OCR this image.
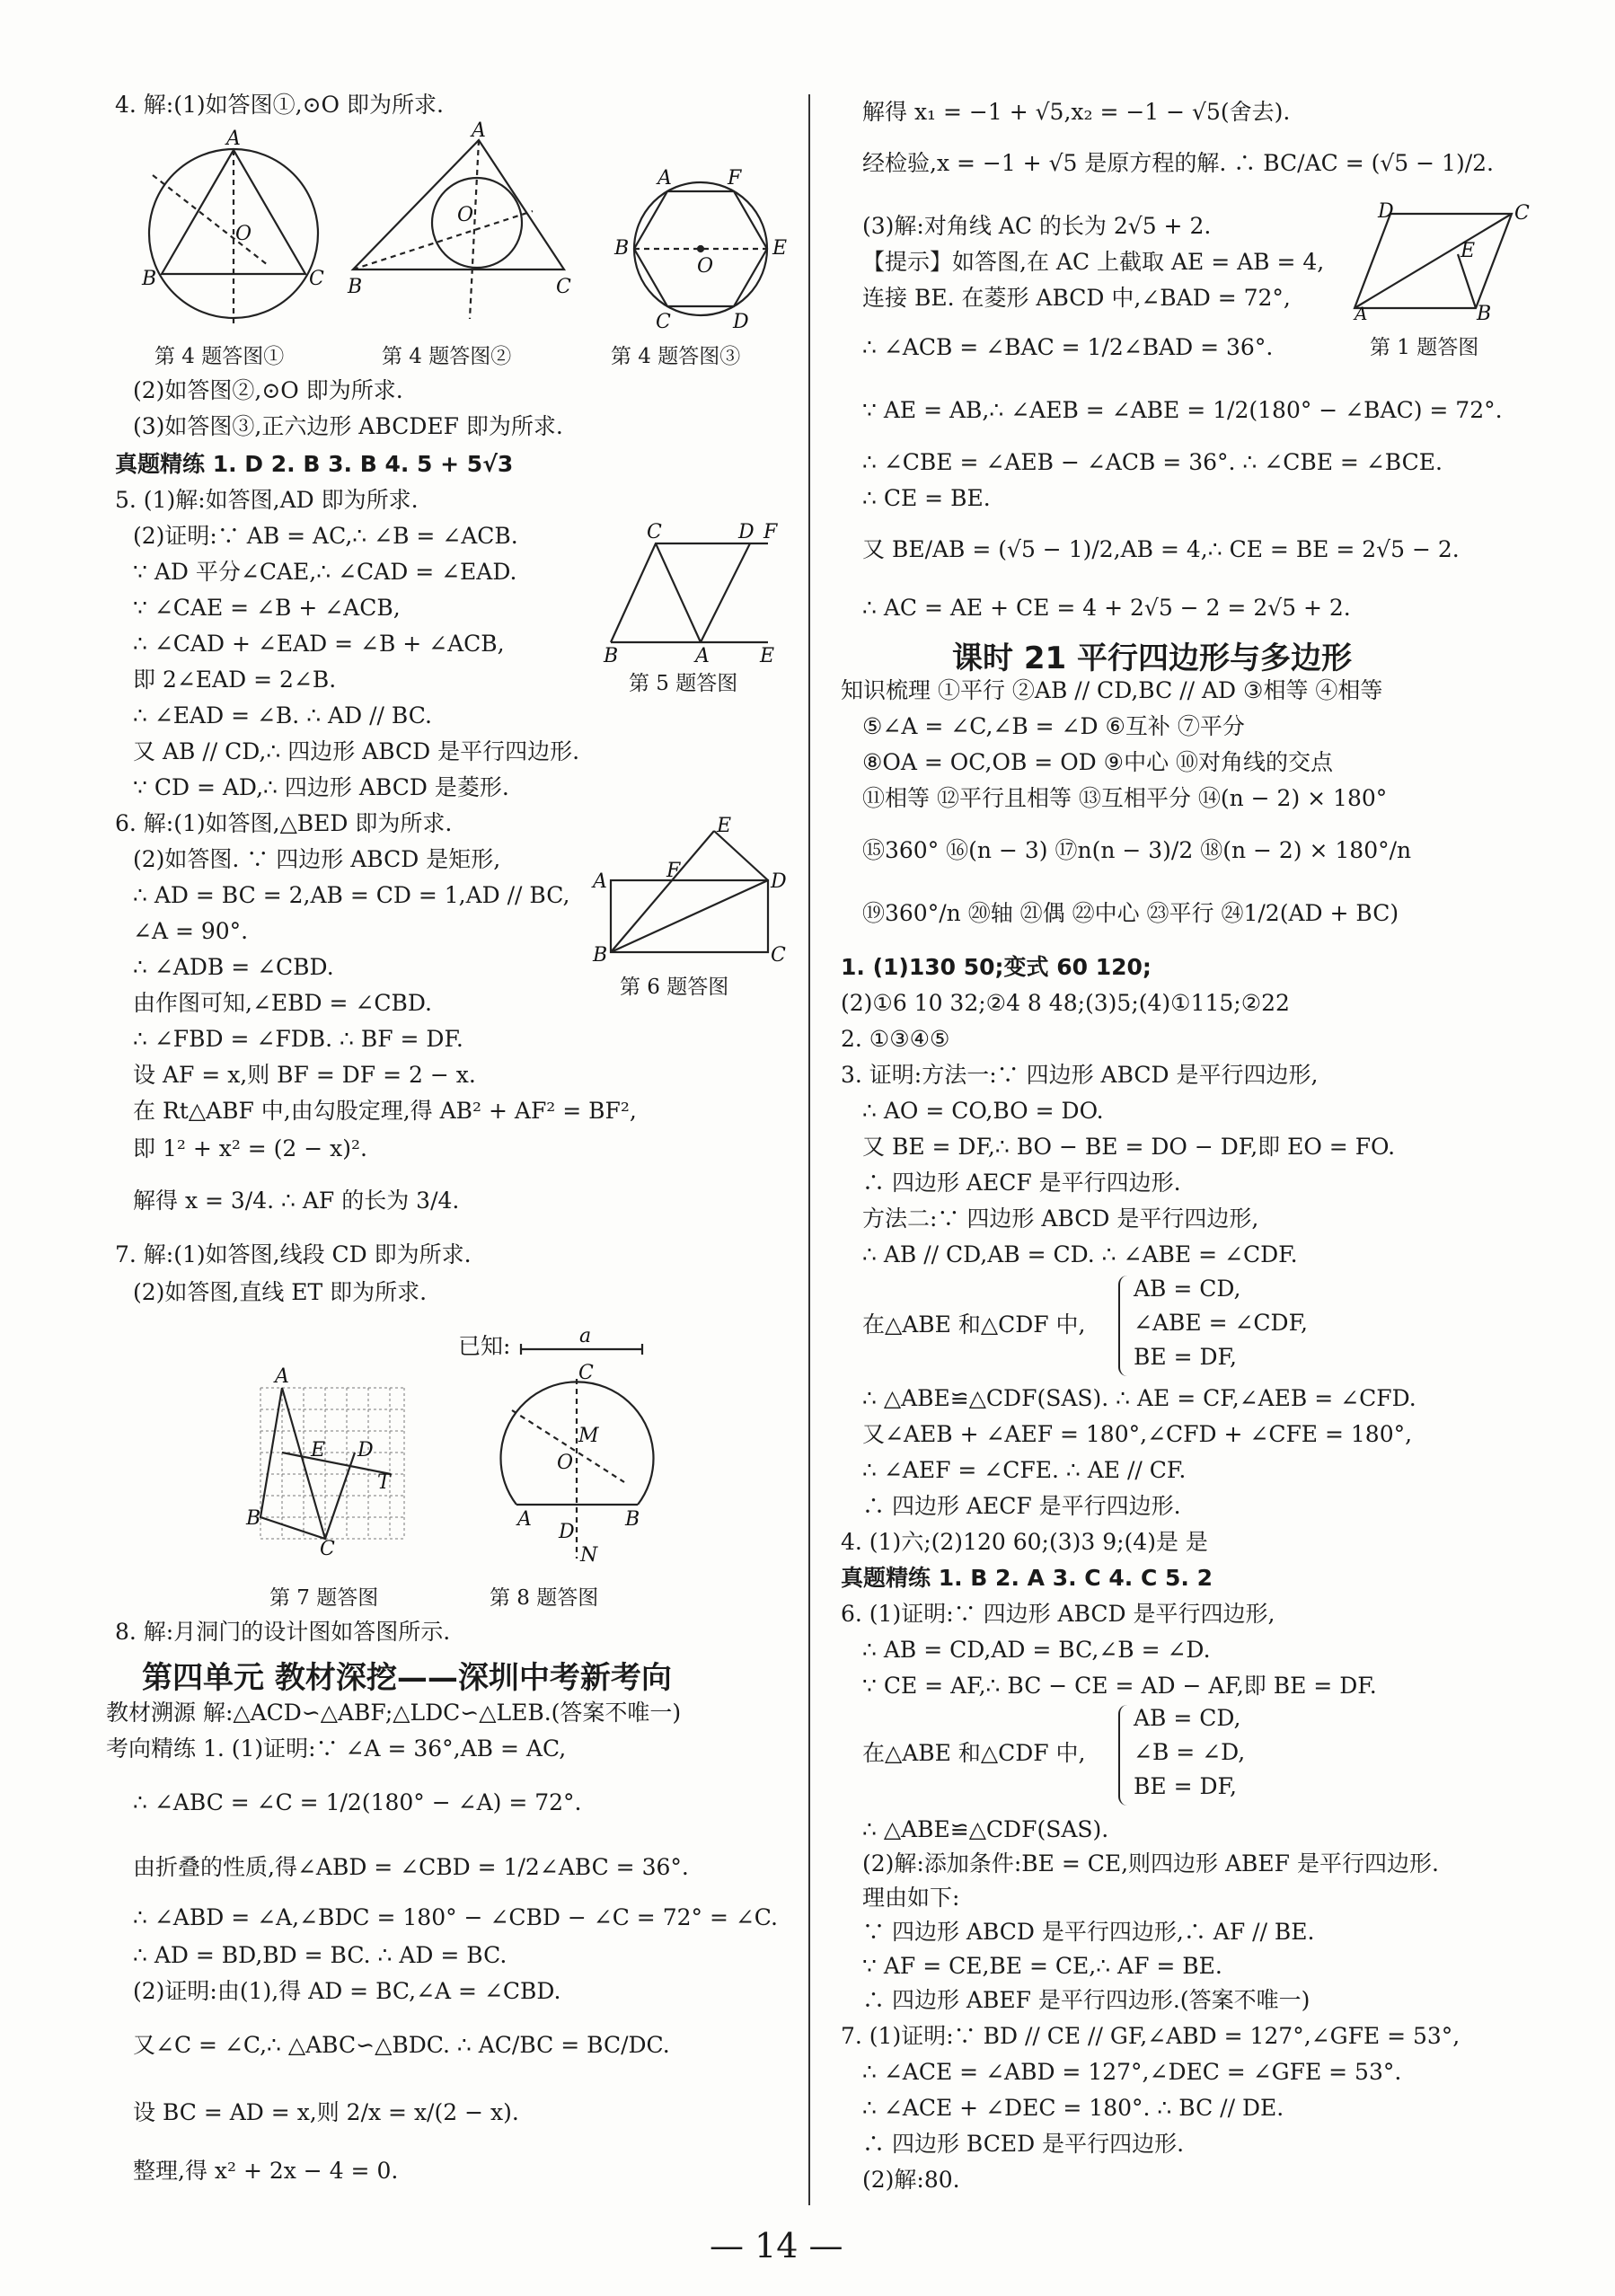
4. 解:(1)如答图①,⊙O 即为所求.
A
B	C
O
第 4 题答图①
A
B	C
O
第 4 题答图②
A	F
E
D
C
B
O
第 4 题答图③
(2)如答图②,⊙O 即为所求.
(3)如答图③,正六边形 ABCDEF 即为所求.
真题精练 1. D 2. B 3. B 4. 5 + 5√3
5. (1)解:如答图,AD 即为所求.
(2)证明:∵ AB = AC,∴ ∠B = ∠ACB.
∵ AD 平分∠CAE,∴ ∠CAD = ∠EAD.
∵ ∠CAE = ∠B + ∠ACB,
∴ ∠CAD + ∠EAD = ∠B + ∠ACB,
即 2∠EAD = 2∠B.
∴ ∠EAD = ∠B. ∴ AD // BC.
又 AB // CD,∴ 四边形 ABCD 是平行四边形.
∵ CD = AD,∴ 四边形 ABCD 是菱形.
C	D F
B	A	E
第 5 题答图
6. 解:(1)如答图,△BED 即为所求.
(2)如答图. ∵ 四边形 ABCD 是矩形,
∴ AD = BC = 2,AB = CD = 1,AD // BC,
∠A = 90°.
∴ ∠ADB = ∠CBD.
由作图可知,∠EBD = ∠CBD.
∴ ∠FBD = ∠FDB. ∴ BF = DF.
设 AF = x,则 BF = DF = 2 − x.
在 Rt△ABF 中,由勾股定理,得 AB² + AF² = BF²,
即 1² + x² = (2 − x)².
解得 x = 3/4. ∴ AF 的长为 3/4.
A	D
B	C
F
E
第 6 题答图
7. 解:(1)如答图,线段 CD 即为所求.
(2)如答图,直线 ET 即为所求.
A
B
C
D
E
T
第 7 题答图
已知:	a
C
M
O
A	B
D
N
第 8 题答图
8. 解:月洞门的设计图如答图所示.
第四单元 教材深挖——深圳中考新考向
教材溯源 解:△ACD∽△ABF;△LDC∽△LEB.(答案不唯一)
考向精练 1. (1)证明:∵ ∠A = 36°,AB = AC,
∴ ∠ABC = ∠C = 1/2(180° − ∠A) = 72°.
由折叠的性质,得∠ABD = ∠CBD = 1/2∠ABC = 36°.
∴ ∠ABD = ∠A,∠BDC = 180° − ∠CBD − ∠C = 72° = ∠C.
∴ AD = BD,BD = BC. ∴ AD = BC.
(2)证明:由(1),得 AD = BC,∠A = ∠CBD.
又∠C = ∠C,∴ △ABC∽△BDC. ∴ AC/BC = BC/DC.
设 BC = AD = x,则 2/x = x/(2 − x).
整理,得 x² + 2x − 4 = 0.
解得 x₁ = −1 + √5,x₂ = −1 − √5(舍去).
经检验,x = −1 + √5 是原方程的解. ∴ BC/AC = (√5 − 1)/2.
(3)解:对角线 AC 的长为 2√5 + 2.
【提示】如答图,在 AC 上截取 AE = AB = 4,
连接 BE. 在菱形 ABCD 中,∠BAD = 72°,
∴ ∠ACB = ∠BAC = 1/2∠BAD = 36°.
D	C
E
A	B
第 1 题答图
∵ AE = AB,∴ ∠AEB = ∠ABE = 1/2(180° − ∠BAC) = 72°.
∴ ∠CBE = ∠AEB − ∠ACB = 36°. ∴ ∠CBE = ∠BCE.
∴ CE = BE.
又 BE/AB = (√5 − 1)/2,AB = 4,∴ CE = BE = 2√5 − 2.
∴ AC = AE + CE = 4 + 2√5 − 2 = 2√5 + 2.
课时 21 平行四边形与多边形
知识梳理 ①平行 ②AB // CD,BC // AD ③相等 ④相等
⑤∠A = ∠C,∠B = ∠D ⑥互补 ⑦平分
⑧OA = OC,OB = OD ⑨中心 ⑩对角线的交点
⑪相等 ⑫平行且相等 ⑬互相平分 ⑭(n − 2) × 180°
⑮360° ⑯(n − 3) ⑰n(n − 3)/2 ⑱(n − 2) × 180°/n
⑲360°/n ⑳轴 ㉑偶 ㉒中心 ㉓平行 ㉔1/2(AD + BC)
1. (1)130 50;变式 60 120;
(2)①6 10 32;②4 8 48;(3)5;(4)①115;②22
2. ①③④⑤
3. 证明:方法一:∵ 四边形 ABCD 是平行四边形,
∴ AO = CO,BO = DO.
又 BE = DF,∴ BO − BE = DO − DF,即 EO = FO.
∴ 四边形 AECF 是平行四边形.
方法二:∵ 四边形 ABCD 是平行四边形,
∴ AB // CD,AB = CD. ∴ ∠ABE = ∠CDF.
在△ABE 和△CDF 中,
AB = CD,
∠ABE = ∠CDF,
BE = DF,
∴ △ABE≌△CDF(SAS). ∴ AE = CF,∠AEB = ∠CFD.
又∠AEB + ∠AEF = 180°,∠CFD + ∠CFE = 180°,
∴ ∠AEF = ∠CFE. ∴ AE // CF.
∴ 四边形 AECF 是平行四边形.
4. (1)六;(2)120 60;(3)3 9;(4)是 是
真题精练 1. B 2. A 3. C 4. C 5. 2
6. (1)证明:∵ 四边形 ABCD 是平行四边形,
∴ AB = CD,AD = BC,∠B = ∠D.
∵ CE = AF,∴ BC − CE = AD − AF,即 BE = DF.
在△ABE 和△CDF 中,
AB = CD,
∠B = ∠D,
BE = DF,
∴ △ABE≌△CDF(SAS).
(2)解:添加条件:BE = CE,则四边形 ABEF 是平行四边形.
理由如下:
∵ 四边形 ABCD 是平行四边形,∴ AF // BE.
∵ AF = CE,BE = CE,∴ AF = BE.
∴ 四边形 ABEF 是平行四边形.(答案不唯一)
7. (1)证明:∵ BD // CE // GF,∠ABD = 127°,∠GFE = 53°,
∴ ∠ACE = ∠ABD = 127°,∠DEC = ∠GFE = 53°.
∴ ∠ACE + ∠DEC = 180°. ∴ BC // DE.
∴ 四边形 BCED 是平行四边形.
(2)解:80.
— 14 —
